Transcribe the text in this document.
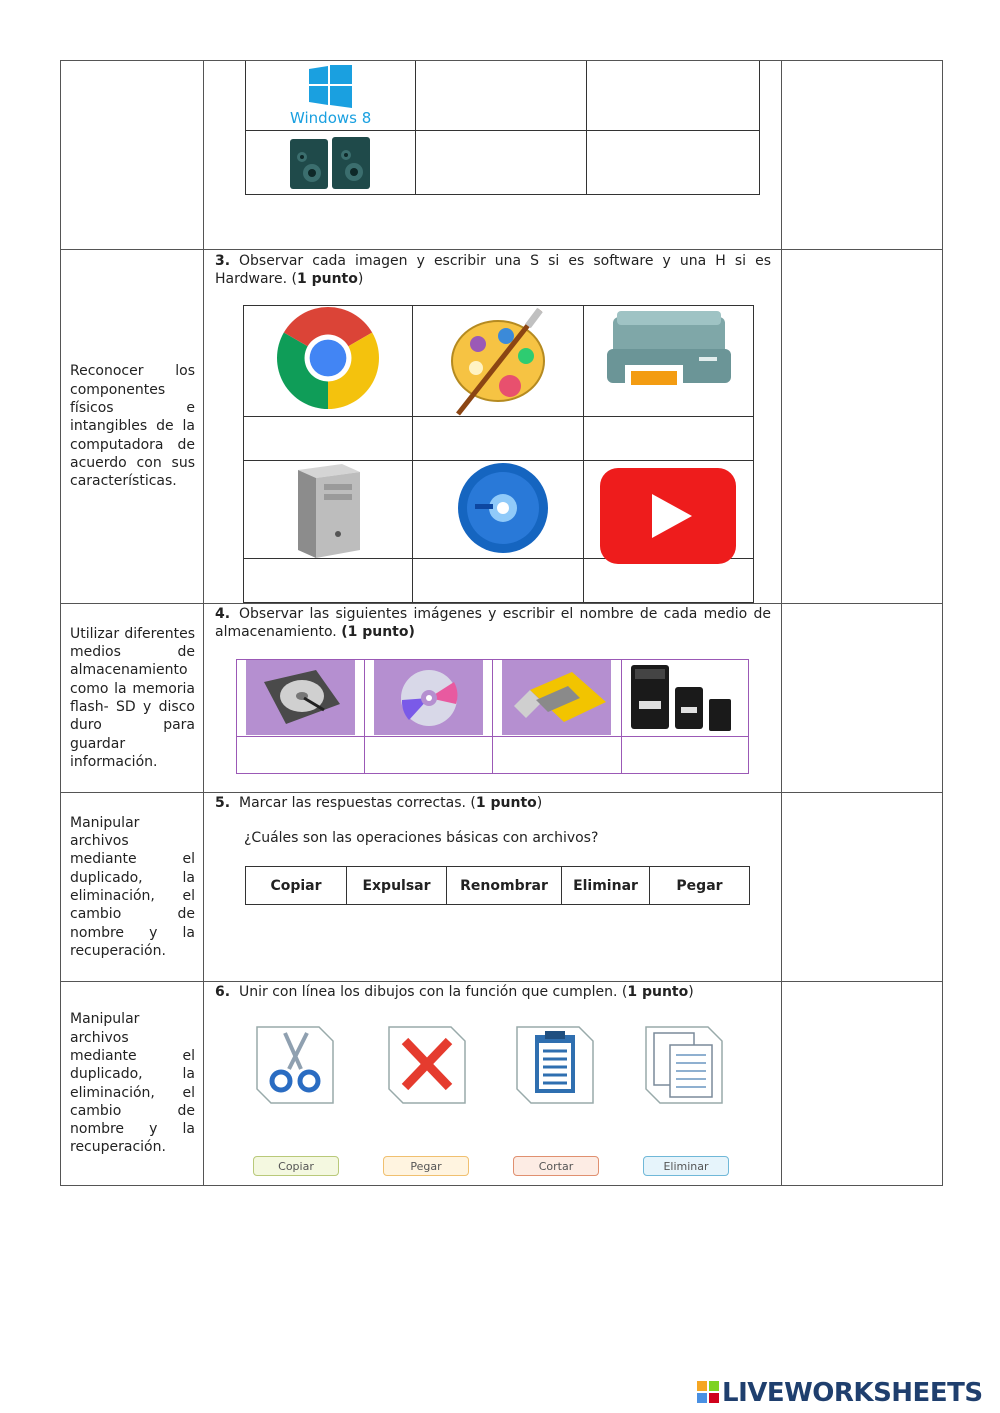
Windows 8

Reconocer los componentes físicos e intangibles de la computadora de acuerdo con sus características.

3. Observar cada imagen y escribir una S si es software y una H si es Hardware. (1 punto)

Utilizar diferentes medios de almacenamiento como la memoria flash- SD y disco duro para guardar información.

4. Observar las siguientes imágenes y escribir el nombre de cada medio de almacenamiento. (1 punto)

Manipular archivos mediante el duplicado, la eliminación, el cambio de nombre y la recuperación.

5. Marcar las respuestas correctas. (1 punto)
¿Cuáles son las operaciones básicas con archivos?
Copiar	Expulsar	Renombrar	Eliminar	Pegar

Manipular archivos mediante el duplicado, la eliminación, el cambio de nombre y la recuperación.

6. Unir con línea los dibujos con la función que cumplen. (1 punto)
Copiar	Pegar	Cortar	Eliminar

LIVEWORKSHEETS
